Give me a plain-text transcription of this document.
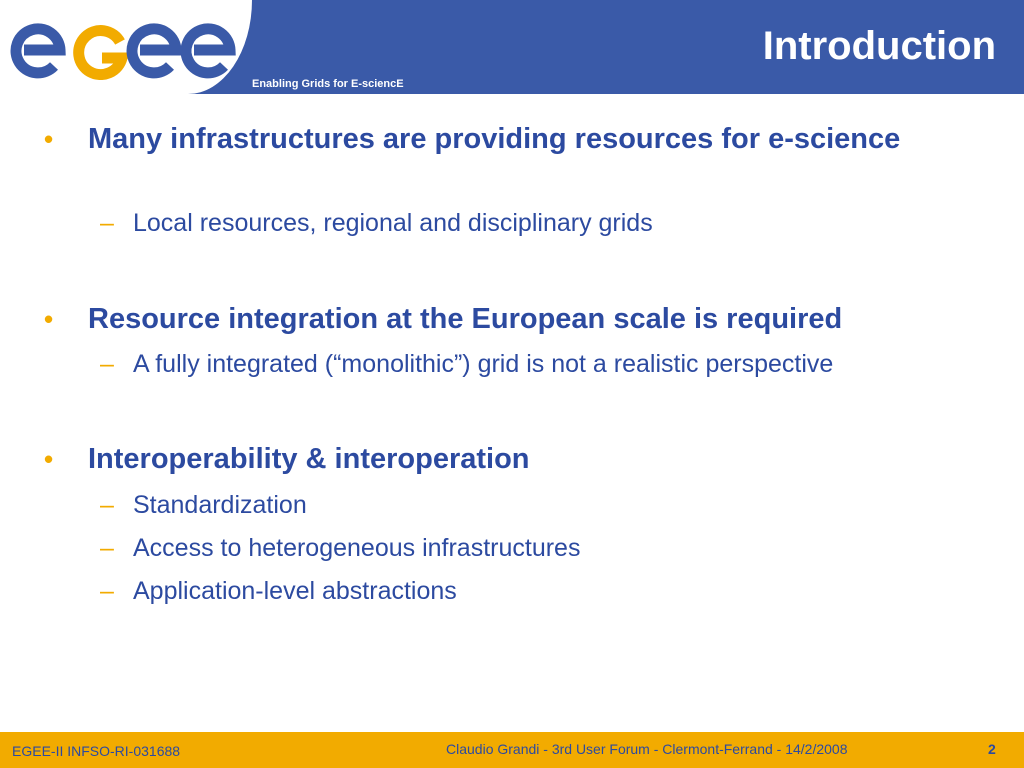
Enabling Grids for E-sciencE
Introduction
• Many infrastructures are providing resources for e-science
– Local resources, regional and disciplinary grids
• Resource integration at the European scale is required
– A fully integrated (“monolithic”) grid is not a realistic perspective
• Interoperability & interoperation
– Standardization
– Access to heterogeneous infrastructures
– Application-level abstractions
EGEE-II INFSO-RI-031688	Claudio Grandi - 3rd User Forum - Clermont-Ferrand - 14/2/2008	2
